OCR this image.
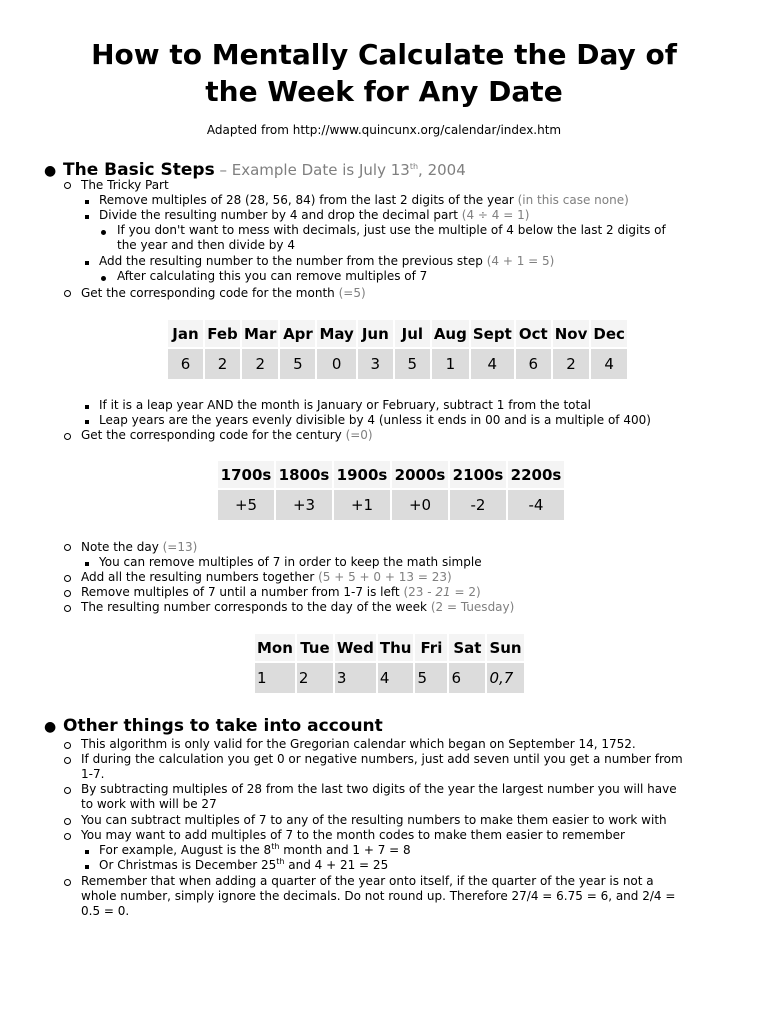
How to Mentally Calculate the Day of the Week for Any Date
Adapted from http://www.quincunx.org/calendar/index.htm
● The Basic Steps – Example Date is July 13th, 2004
The Tricky Part
Remove multiples of 28 (28, 56, 84) from the last 2 digits of the year (in this case none)
Divide the resulting number by 4 and drop the decimal part (4 ÷ 4 = 1)
If you don't want to mess with decimals, just use the multiple of 4 below the last 2 digits of
the year and then divide by 4
Add the resulting number to the number from the previous step (4 + 1 = 5)
After calculating this you can remove multiples of 7
Get the corresponding code for the month (=5)
Jan	Feb	Mar	Apr	May	Jun	Jul	Aug	Sept	Oct	Nov	Dec
6	2	2	5	0	3	5	1	4	6	2	4
If it is a leap year AND the month is January or February, subtract 1 from the total
Leap years are the years evenly divisible by 4 (unless it ends in 00 and is a multiple of 400)
Get the corresponding code for the century (=0)
1700s	1800s	1900s	2000s	2100s	2200s
+5	+3	+1	+0	-2	-4
Note the day (=13)
You can remove multiples of 7 in order to keep the math simple
Add all the resulting numbers together (5 + 5 + 0 + 13 = 23)
Remove multiples of 7 until a number from 1-7 is left (23 - 21 = 2)
The resulting number corresponds to the day of the week (2 = Tuesday)
Mon	Tue	Wed	Thu	Fri	Sat	Sun
1	2	3	4	5	6	0,7
● Other things to take into account
This algorithm is only valid for the Gregorian calendar which began on September 14, 1752.
If during the calculation you get 0 or negative numbers, just add seven until you get a number from
1-7.
By subtracting multiples of 28 from the last two digits of the year the largest number you will have
to work with will be 27
You can subtract multiples of 7 to any of the resulting numbers to make them easier to work with
You may want to add multiples of 7 to the month codes to make them easier to remember
For example, August is the 8th month and 1 + 7 = 8
Or Christmas is December 25th and 4 + 21 = 25
Remember that when adding a quarter of the year onto itself, if the quarter of the year is not a
whole number, simply ignore the decimals. Do not round up. Therefore 27/4 = 6.75 = 6, and 2/4 =
0.5 = 0.
